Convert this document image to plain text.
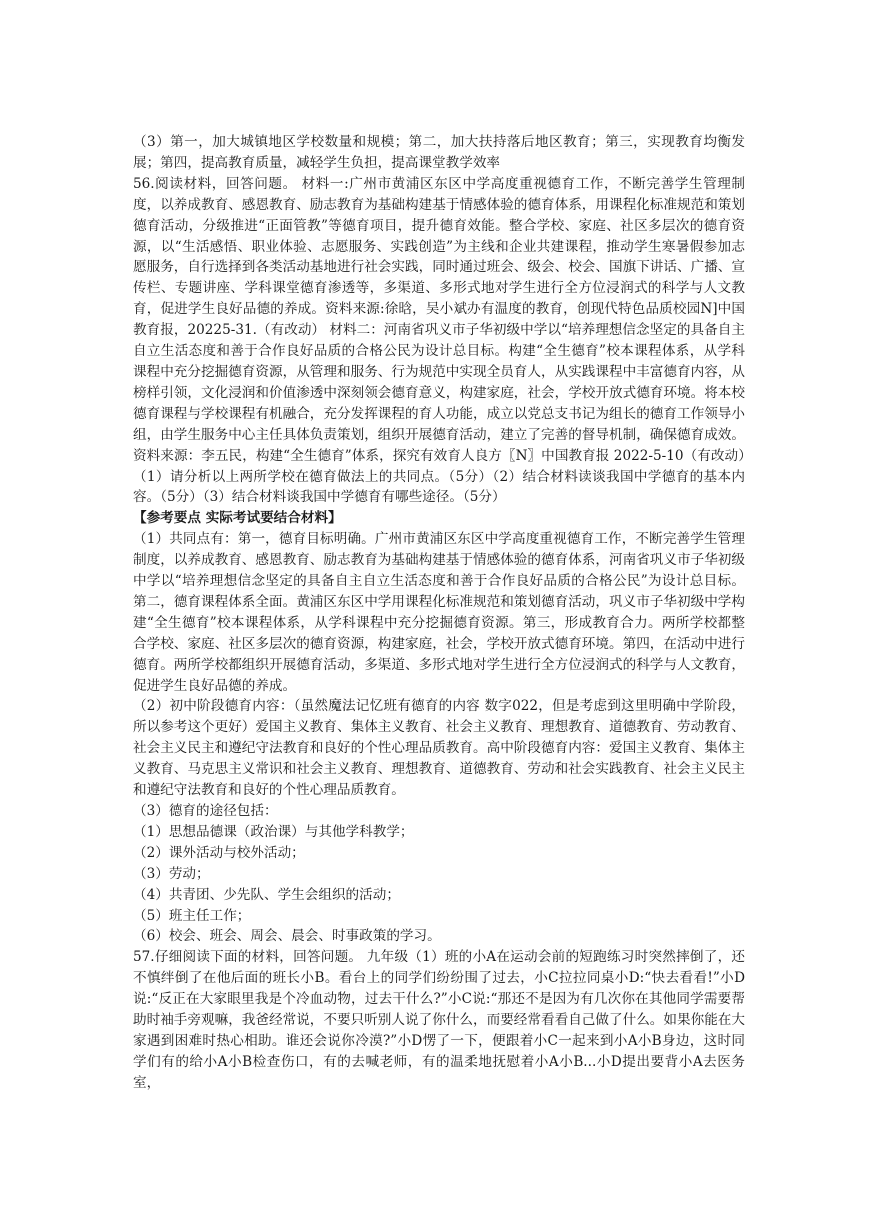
（3）第一，加大城镇地区学校数量和规模；第二，加大扶持落后地区教育；第三，实现教育均衡发展；第四，提高教育质量，减轻学生负担，提高课堂教学效率

56.阅读材料，回答问题。 材料一:广州市黄浦区东区中学高度重视德育工作，不断完善学生管理制度，以养成教育、感恩教育、励志教育为基础构建基于情感体验的德育体系，用课程化标准规范和策划德育活动，分级推进“正面管教”等德育项目，提升德育效能。整合学校、家庭、社区多层次的德育资源，以“生活感悟、职业体验、志愿服务、实践创造”为主线和企业共建课程，推动学生寒暑假参加志愿服务，自行选择到各类活动基地进行社会实践，同时通过班会、级会、校会、国旗下讲话、广播、宣传栏、专题讲座、学科课堂德育渗透等，多渠道、多形式地对学生进行全方位浸润式的科学与人文教育，促进学生良好品德的养成。资料来源:徐晗，吴小斌办有温度的教育，创现代特色品质校园N]中国教育报，20225-31.（有改动） 材料二：河南省巩义市子华初级中学以“培养理想信念坚定的具备自主自立生活态度和善于合作良好品质的合格公民为设计总目标。构建“全生德育”校本课程体系，从学科课程中充分挖掘德育资源，从管理和服务、行为规范中实现全员育人，从实践课程中丰富德育内容，从榜样引领，文化浸润和价值渗透中深刻领会德育意义，构建家庭，社会，学校开放式德育环境。将本校德育课程与学校课程有机融合，充分发挥课程的育人功能，成立以党总支书记为组长的德育工作领导小组，由学生服务中心主任具体负责策划，组织开展德育活动，建立了完善的督导机制，确保德育成效。 资料来源：李五民，构建“全生德育”体系，探究有效育人良方〖N〗中国教育报 2022-5-10（有改动）（1）请分析以上两所学校在德育做法上的共同点。（5分）（2）结合材料读谈我国中学德育的基本内容。（5分）（3）结合材料谈我国中学德育有哪些途径。（5分）

【参考要点 实际考试要结合材料】

（1）共同点有：第一，德育目标明确。广州市黄浦区东区中学高度重视德育工作，不断完善学生管理制度，以养成教育、感恩教育、励志教育为基础构建基于情感体验的德育体系，河南省巩义市子华初级中学以“培养理想信念坚定的具备自主自立生活态度和善于合作良好品质的合格公民”为设计总目标。第二，德育课程体系全面。黄浦区东区中学用课程化标准规范和策划德育活动，巩义市子华初级中学构建“全生德育”校本课程体系，从学科课程中充分挖掘德育资源。第三，形成教育合力。两所学校都整合学校、家庭、社区多层次的德育资源，构建家庭，社会，学校开放式德育环境。第四，在活动中进行德育。两所学校都组织开展德育活动，多渠道、多形式地对学生进行全方位浸润式的科学与人文教育，促进学生良好品德的养成。

（2）初中阶段德育内容：（虽然魔法记忆班有德育的内容 数字022，但是考虑到这里明确中学阶段，所以参考这个更好）爱国主义教育、集体主义教育、社会主义教育、理想教育、道德教育、劳动教育、社会主义民主和遵纪守法教育和良好的个性心理品质教育。高中阶段德育内容：爱国主义教育、集体主义教育、马克思主义常识和社会主义教育、理想教育、道德教育、劳动和社会实践教育、社会主义民主和遵纪守法教育和良好的个性心理品质教育。

（3）德育的途径包括：

（1）思想品德课（政治课）与其他学科教学；

（2）课外活动与校外活动；

（3）劳动；

（4）共青团、少先队、学生会组织的活动；

（5）班主任工作；

（6）校会、班会、周会、晨会、时事政策的学习。

57.仔细阅读下面的材料，回答问题。 九年级（1）班的小A在运动会前的短跑练习时突然摔倒了，还不慎绊倒了在他后面的班长小B。看台上的同学们纷纷围了过去，小C拉拉同桌小D:“快去看看!”小D说:“反正在大家眼里我是个冷血动物，过去干什么?”小C说:“那还不是因为有几次你在其他同学需要帮助时袖手旁观嘛，我爸经常说，不要只听别人说了你什么，而要经常看看自己做了什么。如果你能在大家遇到困难时热心相助。谁还会说你冷漠?”小D愣了一下，便跟着小C一起来到小A小B身边，这时同学们有的给小A小B检查伤口，有的去喊老师，有的温柔地抚慰着小A小B...小D提出要背小A去医务室，
